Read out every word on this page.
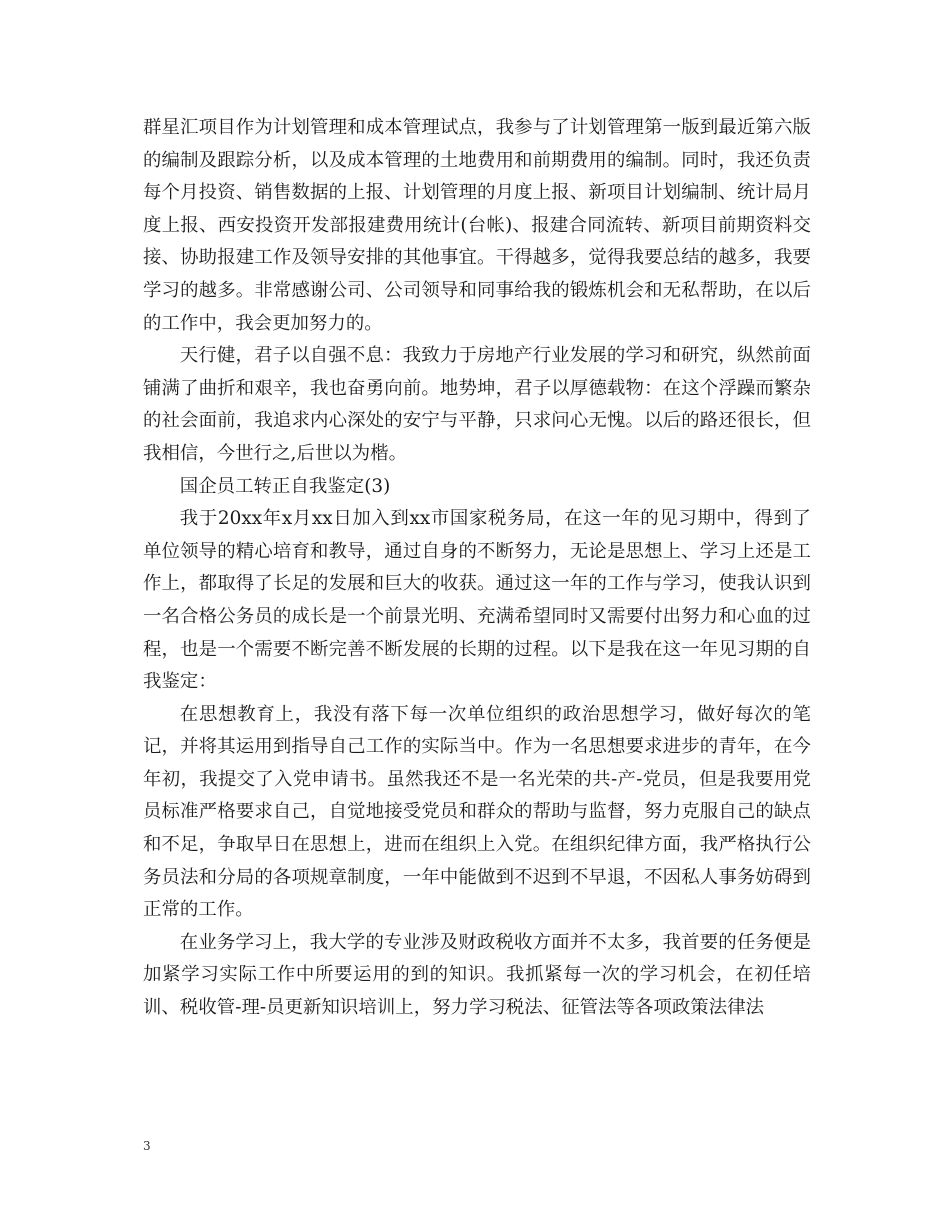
群星汇项目作为计划管理和成本管理试点，我参与了计划管理第一版到最近第六版的编制及跟踪分析，以及成本管理的土地费用和前期费用的编制。同时，我还负责每个月投资、销售数据的上报、计划管理的月度上报、新项目计划编制、统计局月度上报、西安投资开发部报建费用统计(台帐)、报建合同流转、新项目前期资料交接、协助报建工作及领导安排的其他事宜。干得越多，觉得我要总结的越多，我要学习的越多。非常感谢公司、公司领导和同事给我的锻炼机会和无私帮助，在以后的工作中，我会更加努力的。

天行健，君子以自强不息：我致力于房地产行业发展的学习和研究，纵然前面铺满了曲折和艰辛，我也奋勇向前。地势坤，君子以厚德载物：在这个浮躁而繁杂的社会面前，我追求内心深处的安宁与平静，只求问心无愧。以后的路还很长，但我相信，今世行之,后世以为楷。

国企员工转正自我鉴定(3)

我于20xx年x月xx日加入到xx市国家税务局，在这一年的见习期中，得到了单位领导的精心培育和教导，通过自身的不断努力，无论是思想上、学习上还是工作上，都取得了长足的发展和巨大的收获。通过这一年的工作与学习，使我认识到一名合格公务员的成长是一个前景光明、充满希望同时又需要付出努力和心血的过程，也是一个需要不断完善不断发展的长期的过程。以下是我在这一年见习期的自我鉴定：

在思想教育上，我没有落下每一次单位组织的政治思想学习，做好每次的笔记，并将其运用到指导自己工作的实际当中。作为一名思想要求进步的青年，在今年初，我提交了入党申请书。虽然我还不是一名光荣的共-产-党员，但是我要用党员标准严格要求自己，自觉地接受党员和群众的帮助与监督，努力克服自己的缺点和不足，争取早日在思想上，进而在组织上入党。在组织纪律方面，我严格执行公务员法和分局的各项规章制度，一年中能做到不迟到不早退，不因私人事务妨碍到正常的工作。

在业务学习上，我大学的专业涉及财政税收方面并不太多，我首要的任务便是加紧学习实际工作中所要运用的到的知识。我抓紧每一次的学习机会，在初任培训、税收管-理-员更新知识培训上，努力学习税法、征管法等各项政策法律法

3
